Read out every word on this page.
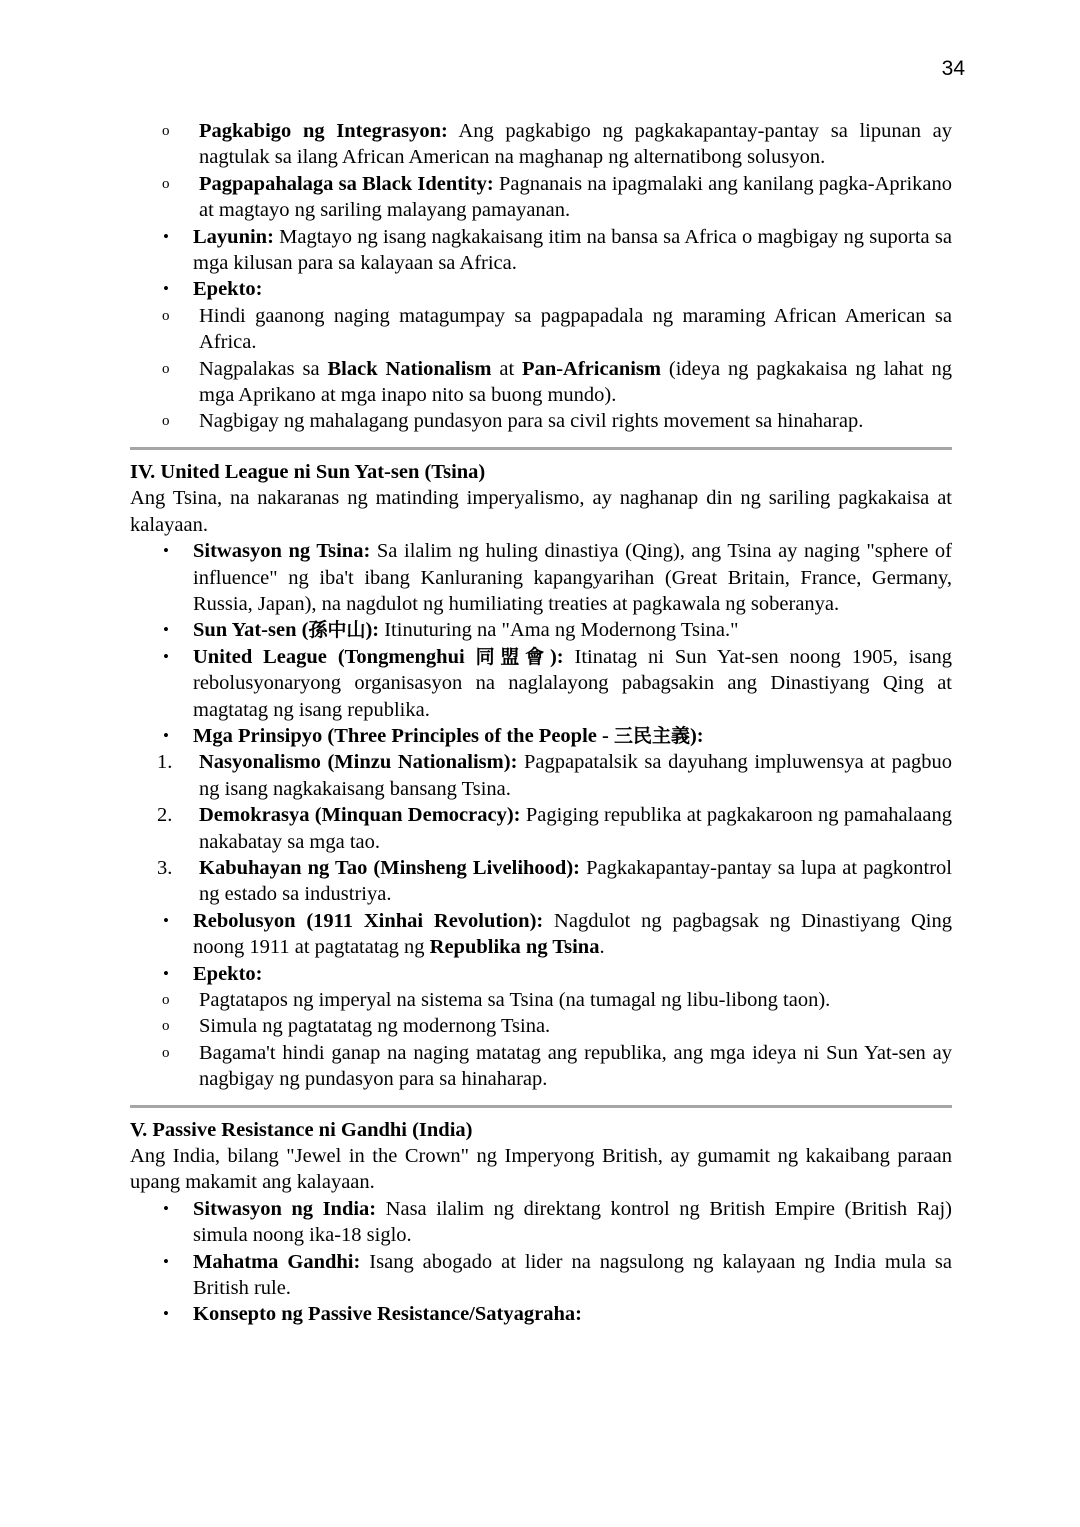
34
o Pagkabigo ng Integrasyon: Ang pagkabigo ng pagkakapantay-pantay sa lipunan ay nagtulak sa ilang African American na maghanap ng alternatibong solusyon.
o Pagpapahalaga sa Black Identity: Pagnanais na ipagmalaki ang kanilang pagka-Aprikano at magtayo ng sariling malayang pamayanan.
• Layunin: Magtayo ng isang nagkakaisang itim na bansa sa Africa o magbigay ng suporta sa mga kilusan para sa kalayaan sa Africa.
• Epekto:
o Hindi gaanong naging matagumpay sa pagpapadala ng maraming African American sa Africa.
o Nagpalakas sa Black Nationalism at Pan-Africanism (ideya ng pagkakaisa ng lahat ng mga Aprikano at mga inapo nito sa buong mundo).
o Nagbigay ng mahalagang pundasyon para sa civil rights movement sa hinaharap.
IV. United League ni Sun Yat-sen (Tsina)
Ang Tsina, na nakaranas ng matinding imperyalismo, ay naghanap din ng sariling pagkakaisa at kalayaan.
• Sitwasyon ng Tsina: Sa ilalim ng huling dinastiya (Qing), ang Tsina ay naging "sphere of influence" ng iba't ibang Kanluraning kapangyarihan (Great Britain, France, Germany, Russia, Japan), na nagdulot ng humiliating treaties at pagkawala ng soberanya.
• Sun Yat-sen (孫中山): Itinuturing na "Ama ng Modernong Tsina."
• United League (Tongmenghui 同盟會): Itinatag ni Sun Yat-sen noong 1905, isang rebolusyonaryong organisasyon na naglalayong pabagsakin ang Dinastiyang Qing at magtatag ng isang republika.
• Mga Prinsipyo (Three Principles of the People - 三民主義):
1. Nasyonalismo (Minzu Nationalism): Pagpapatalsik sa dayuhang impluwensya at pagbuo ng isang nagkakaisang bansang Tsina.
2. Demokrasya (Minquan Democracy): Pagiging republika at pagkakaroon ng pamahalaang nakabatay sa mga tao.
3. Kabuhayan ng Tao (Minsheng Livelihood): Pagkakapantay-pantay sa lupa at pagkontrol ng estado sa industriya.
• Rebolusyon (1911 Xinhai Revolution): Nagdulot ng pagbagsak ng Dinastiyang Qing noong 1911 at pagtatatag ng Republika ng Tsina.
• Epekto:
o Pagtatapos ng imperyal na sistema sa Tsina (na tumagal ng libu-libong taon).
o Simula ng pagtatatag ng modernong Tsina.
o Bagama't hindi ganap na naging matatag ang republika, ang mga ideya ni Sun Yat-sen ay nagbigay ng pundasyon para sa hinaharap.
V. Passive Resistance ni Gandhi (India)
Ang India, bilang "Jewel in the Crown" ng Imperyong British, ay gumamit ng kakaibang paraan upang makamit ang kalayaan.
• Sitwasyon ng India: Nasa ilalim ng direktang kontrol ng British Empire (British Raj) simula noong ika-18 siglo.
• Mahatma Gandhi: Isang abogado at lider na nagsulong ng kalayaan ng India mula sa British rule.
• Konsepto ng Passive Resistance/Satyagraha:
